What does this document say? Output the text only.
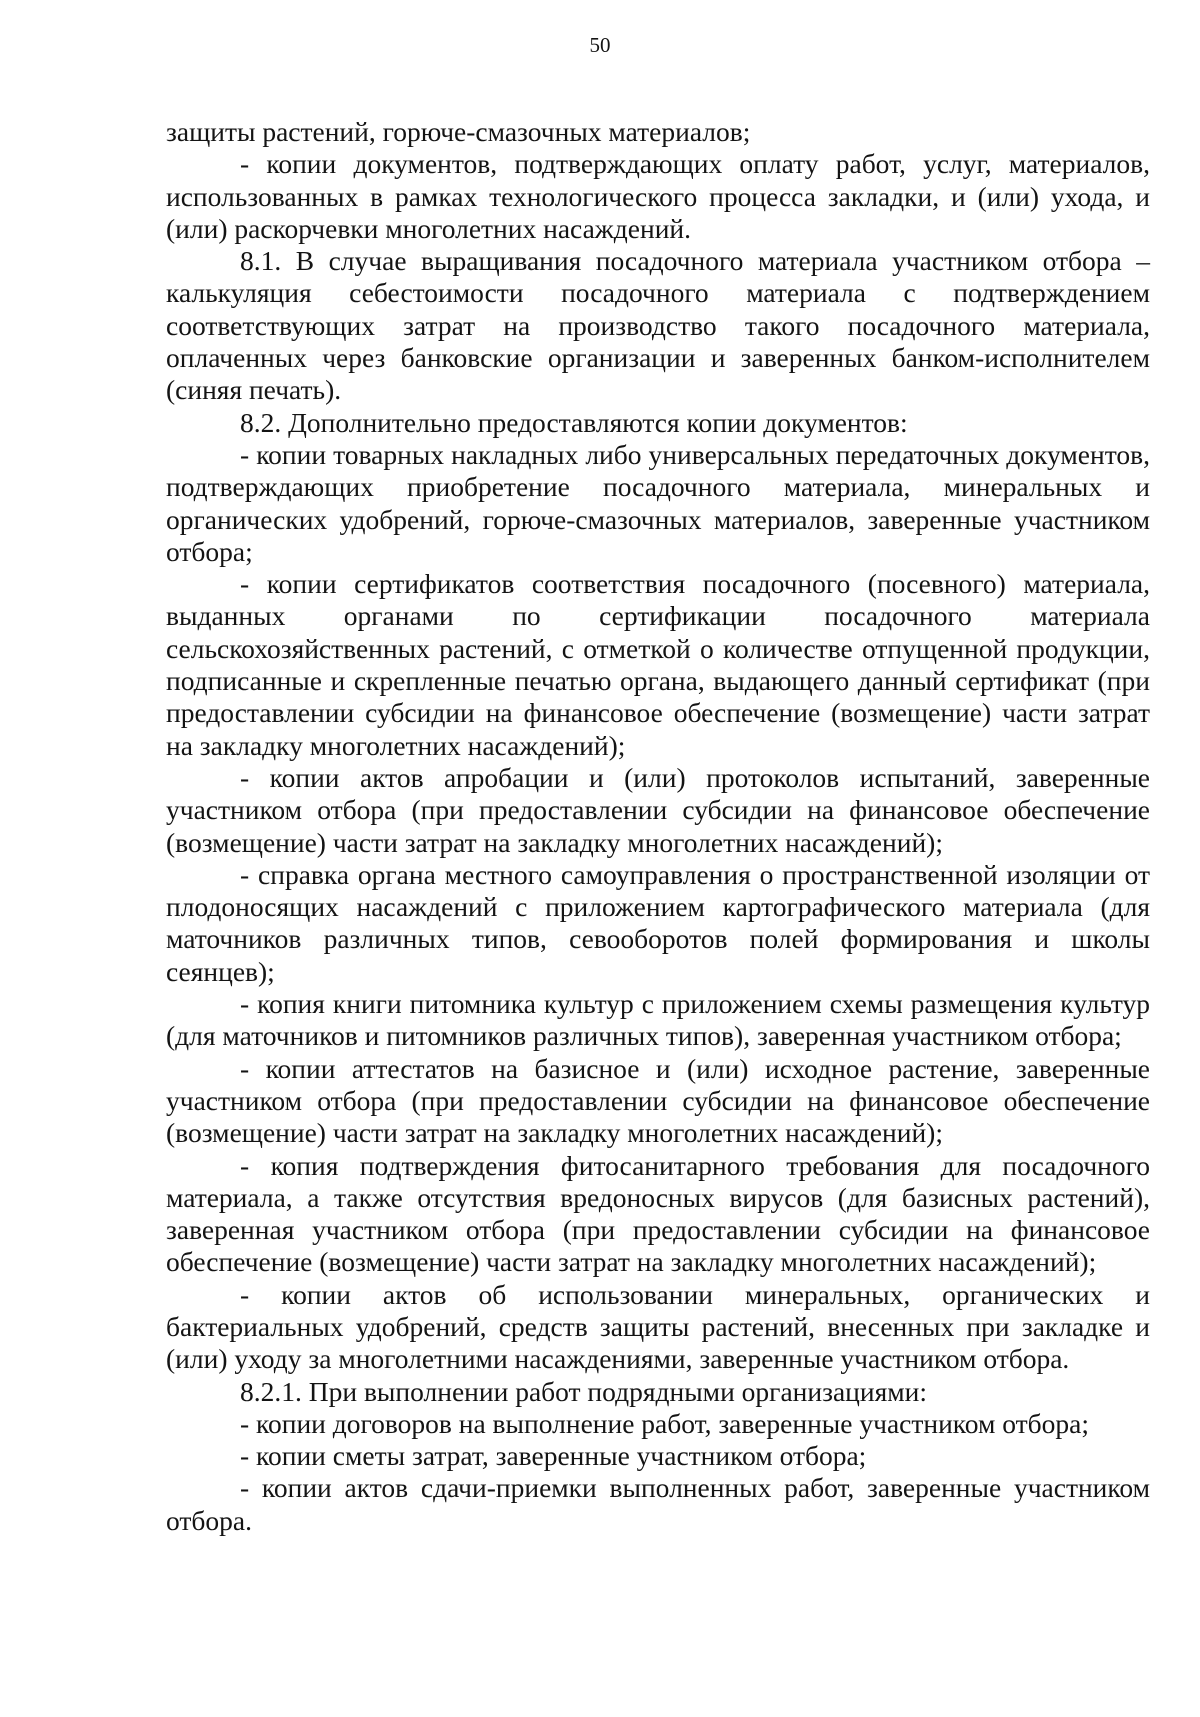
50

защиты растений, горюче-смазочных материалов;

- копии документов, подтверждающих оплату работ, услуг, материалов, использованных в рамках технологического процесса закладки, и (или) ухода, и (или) раскорчевки многолетних насаждений.

8.1. В случае выращивания посадочного материала участником отбора – калькуляция себестоимости посадочного материала с подтверждением соответствующих затрат на производство такого посадочного материала, оплаченных через банковские организации и заверенных банком-исполнителем (синяя печать).

8.2. Дополнительно предоставляются копии документов:

- копии товарных накладных либо универсальных передаточных документов, подтверждающих приобретение посадочного материала, минеральных и органических удобрений, горюче-смазочных материалов, заверенные участником отбора;

- копии сертификатов соответствия посадочного (посевного) материала, выданных органами по сертификации посадочного материала сельскохозяйственных растений, с отметкой о количестве отпущенной продукции, подписанные и скрепленные печатью органа, выдающего данный сертификат (при предоставлении субсидии на финансовое обеспечение (возмещение) части затрат на закладку многолетних насаждений);

- копии актов апробации и (или) протоколов испытаний, заверенные участником отбора (при предоставлении субсидии на финансовое обеспечение (возмещение) части затрат на закладку многолетних насаждений);

- справка органа местного самоуправления о пространственной изоляции от плодоносящих насаждений с приложением картографического материала (для маточников различных типов, севооборотов полей формирования и школы сеянцев);

- копия книги питомника культур с приложением схемы размещения культур (для маточников и питомников различных типов), заверенная участником отбора;

- копии аттестатов на базисное и (или) исходное растение, заверенные участником отбора (при предоставлении субсидии на финансовое обеспечение (возмещение) части затрат на закладку многолетних насаждений);

- копия подтверждения фитосанитарного требования для посадочного материала, а также отсутствия вредоносных вирусов (для базисных растений), заверенная участником отбора (при предоставлении субсидии на финансовое обеспечение (возмещение) части затрат на закладку многолетних насаждений);

- копии актов об использовании минеральных, органических и бактериальных удобрений, средств защиты растений, внесенных при закладке и (или) уходу за многолетними насаждениями, заверенные участником отбора.

8.2.1. При выполнении работ подрядными организациями:

- копии договоров на выполнение работ, заверенные участником отбора;

- копии сметы затрат, заверенные участником отбора;

- копии актов сдачи-приемки выполненных работ, заверенные участником отбора.
